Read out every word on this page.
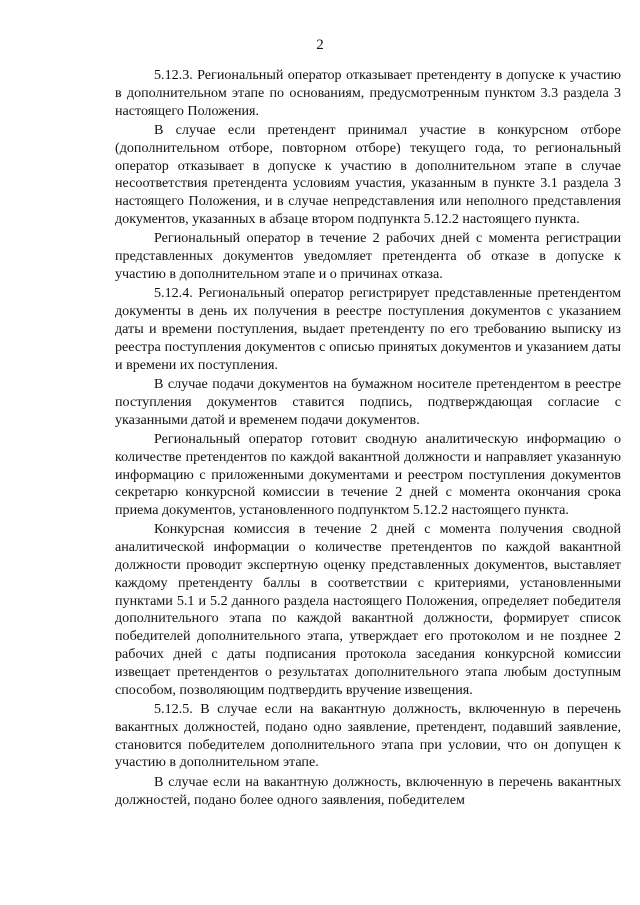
2

5.12.3. Региональный оператор отказывает претенденту в допуске к участию в дополнительном этапе по основаниям, предусмотренным пунктом 3.3 раздела 3 настоящего Положения.

В случае если претендент принимал участие в конкурсном отборе (дополнительном отборе, повторном отборе) текущего года, то региональный оператор отказывает в допуске к участию в дополнительном этапе в случае несоответствия претендента условиям участия, указанным в пункте 3.1 раздела 3 настоящего Положения, и в случае непредставления или неполного представления документов, указанных в абзаце втором подпункта 5.12.2 настоящего пункта.

Региональный оператор в течение 2 рабочих дней с момента регистрации представленных документов уведомляет претендента об отказе в допуске к участию в дополнительном этапе и о причинах отказа.

5.12.4. Региональный оператор регистрирует представленные претендентом документы в день их получения в реестре поступления документов с указанием даты и времени поступления, выдает претенденту по его требованию выписку из реестра поступления документов с описью принятых документов и указанием даты и времени их поступления.

В случае подачи документов на бумажном носителе претендентом в реестре поступления документов ставится подпись, подтверждающая согласие с указанными датой и временем подачи документов.

Региональный оператор готовит сводную аналитическую информацию о количестве претендентов по каждой вакантной должности и направляет указанную информацию с приложенными документами и реестром поступления документов секретарю конкурсной комиссии в течение 2 дней с момента окончания срока приема документов, установленного подпунктом 5.12.2 настоящего пункта.

Конкурсная комиссия в течение 2 дней с момента получения сводной аналитической информации о количестве претендентов по каждой вакантной должности проводит экспертную оценку представленных документов, выставляет каждому претенденту баллы в соответствии с критериями, установленными пунктами 5.1 и 5.2 данного раздела настоящего Положения, определяет победителя дополнительного этапа по каждой вакантной должности, формирует список победителей дополнительного этапа, утверждает его протоколом и не позднее 2 рабочих дней с даты подписания протокола заседания конкурсной комиссии извещает претендентов о результатах дополнительного этапа любым доступным способом, позволяющим подтвердить вручение извещения.

5.12.5. В случае если на вакантную должность, включенную в перечень вакантных должностей, подано одно заявление, претендент, подавший заявление, становится победителем дополнительного этапа при условии, что он допущен к участию в дополнительном этапе.

В случае если на вакантную должность, включенную в перечень вакантных должностей, подано более одного заявления, победителем
